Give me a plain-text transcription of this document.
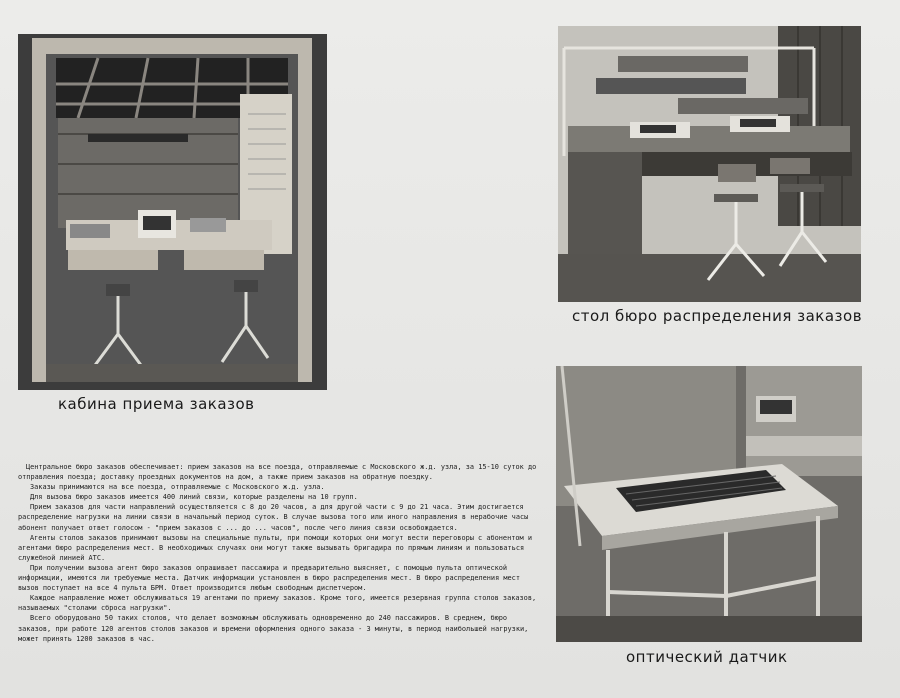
кабина приема заказов
стол бюро распределения заказов
оптический датчик

Центральное бюро заказов обеспечивает: прием заказов на все поезда, отправляемые с Московского ж.д. узла, за 15-10 суток до отправления поезда; доставку проездных документов на дом, а также прием заказов на обратную поездку.

Заказы принимаются на все поезда, отправляемые с Московского ж.д. узла.

Для вызова бюро заказов имеется 400 линий связи, которые разделены на 10 групп.

Прием заказов для части направлений осуществляется с 8 до 20 часов, а для другой части с 9 до 21 часа. Этим достигается распределение нагрузки на линии связи в начальный период суток. В случае вызова того или иного направления в нерабочие часы абонент получает ответ голосом - "прием заказов с ... до ... часов", после чего линия связи освобождается.

Агенты столов заказов принимают вызовы на специальные пульты, при помощи которых они могут вести переговоры с абонентом и агентами бюро распределения мест. В необходимых случаях они могут также вызывать бригадира по прямым линиям и пользоваться служебной линией АТС.

При получении вызова агент бюро заказов опрашивает пассажира и предварительно выясняет, с помощью пульта оптической информации, имеются ли требуемые места. Датчик информации установлен в бюро распределения мест. В бюро распределения мест вызов поступает на все 4 пульта БРМ. Ответ производится любым свободным диспетчером.

Каждое направление может обслуживаться 19 агентами по приему заказов. Кроме того, имеется резервная группа столов заказов, называемых "столами сброса нагрузки".

Всего оборудовано 50 таких столов, что делает возможным обслуживать одновременно до 240 пассажиров. В среднем, бюро заказов, при работе 120 агентов столов заказов и времени оформления одного заказа - 3 минуты, в период наибольшей нагрузки, может принять 1200 заказов в час.
